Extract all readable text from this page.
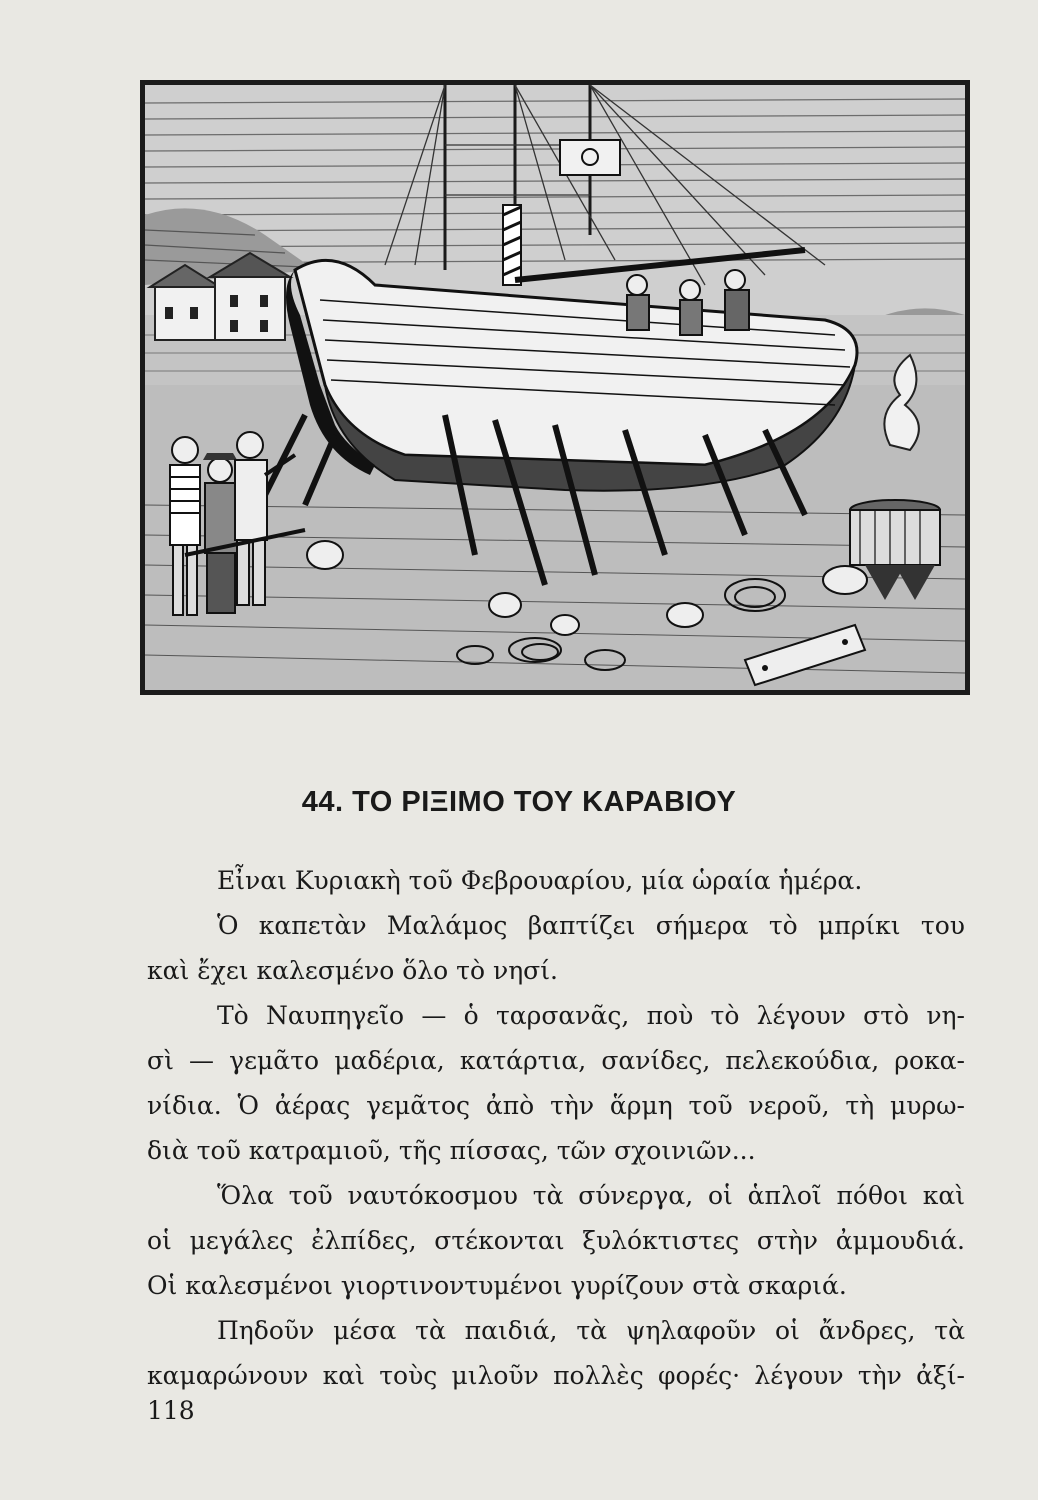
44. ΤΟ ΡΙΞΙΜΟ ΤΟΥ ΚΑΡΑΒΙΟΥ
Εἶναι Κυριακὴ τοῦ Φεβρουαρίου, μία ὡραία ἡμέρα.
Ὁ καπετὰν Μαλάμος βαπτίζει σήμερα τὸ μπρίκι του
καὶ ἔχει καλεσμένο ὅλο τὸ νησί.
Τὸ Ναυπηγεῖο — ὁ ταρσανᾶς, ποὺ τὸ λέγουν στὸ νη-
σὶ — γεμᾶτο μαδέρια, κατάρτια, σανίδες, πελεκούδια, ροκα-
νίδια. Ὁ ἀέρας γεμᾶτος ἀπὸ τὴν ἅρμη τοῦ νεροῦ, τὴ μυρω-
διὰ τοῦ κατραμιοῦ, τῆς πίσσας, τῶν σχοινιῶν...
Ὅλα τοῦ ναυτόκοσμου τὰ σύνεργα, οἱ ἁπλοῖ πόθοι καὶ
οἱ μεγάλες ἐλπίδες, στέκονται ξυλόκτιστες στὴν ἀμμουδιά.
Οἱ καλεσμένοι γιορτινοντυμένοι γυρίζουν στὰ σκαριά.
Πηδοῦν μέσα τὰ παιδιά, τὰ ψηλαφοῦν οἱ ἄνδρες, τὰ
καμαρώνουν καὶ τοὺς μιλοῦν πολλὲς φορές· λέγουν τὴν ἀξί-
118
